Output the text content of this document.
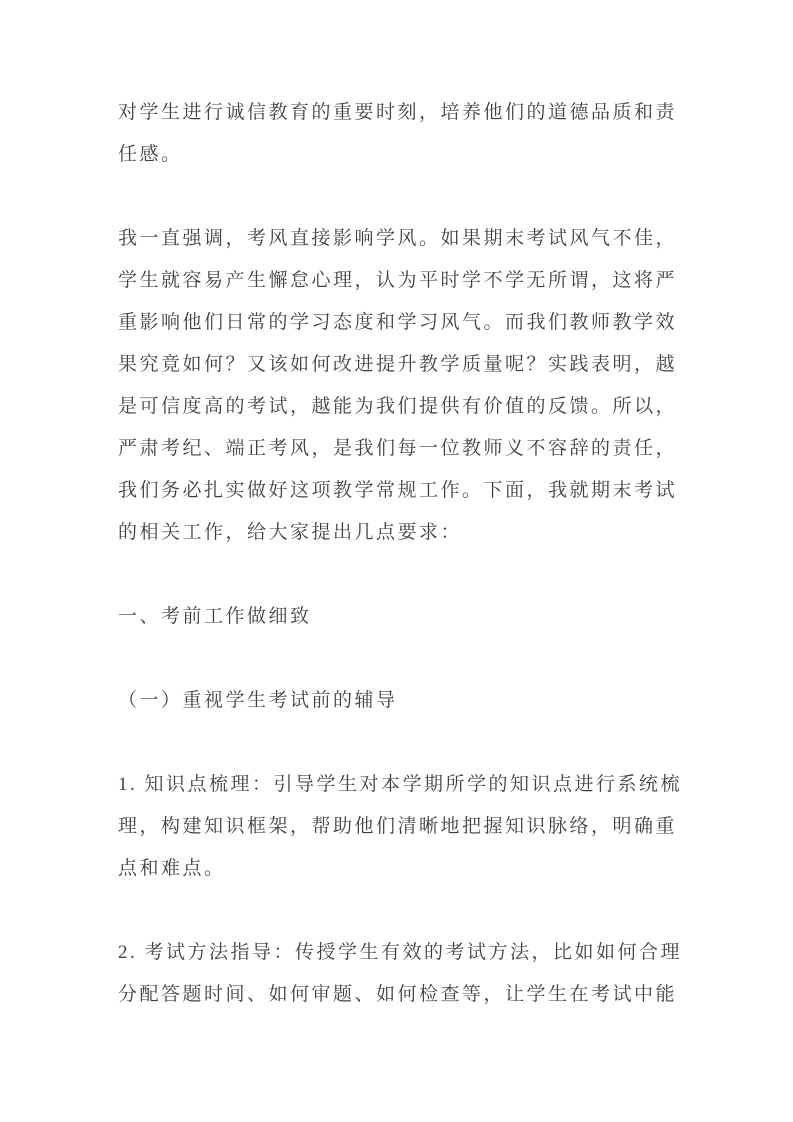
对学生进行诚信教育的重要时刻，培养他们的道德品质和责任感。

我一直强调，考风直接影响学风。如果期末考试风气不佳，学生就容易产生懈怠心理，认为平时学不学无所谓，这将严重影响他们日常的学习态度和学习风气。而我们教师教学效果究竟如何？又该如何改进提升教学质量呢？实践表明，越是可信度高的考试，越能为我们提供有价值的反馈。所以，严肃考纪、端正考风，是我们每一位教师义不容辞的责任，我们务必扎实做好这项教学常规工作。下面，我就期末考试的相关工作，给大家提出几点要求：

一、考前工作做细致

（一）重视学生考试前的辅导

1. 知识点梳理：引导学生对本学期所学的知识点进行系统梳理，构建知识框架，帮助他们清晰地把握知识脉络，明确重点和难点。

2. 考试方法指导：传授学生有效的考试方法，比如如何合理分配答题时间、如何审题、如何检查等，让学生在考试中能
